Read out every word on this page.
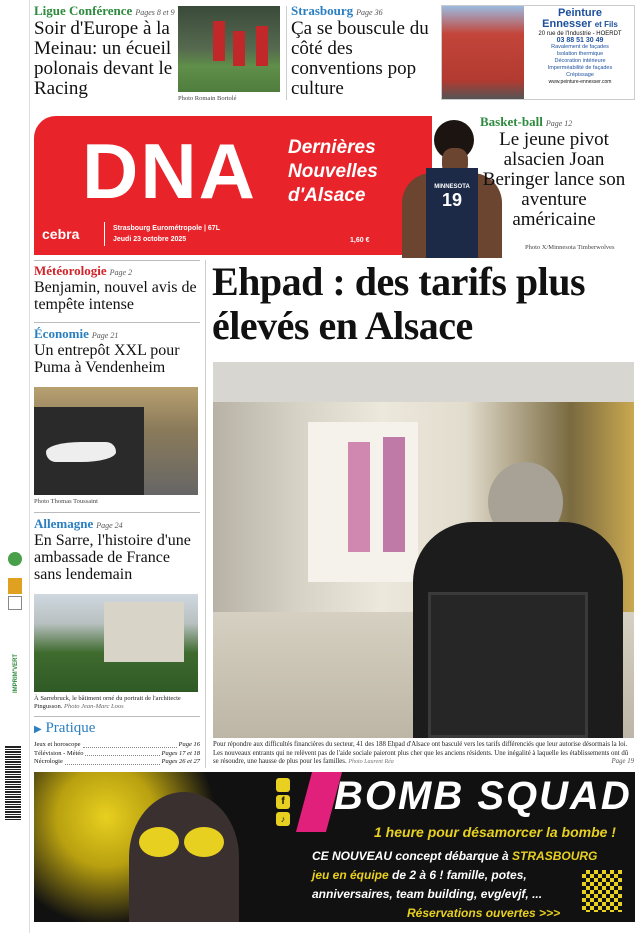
IMPRIM'VERT
Ligue Conférence Pages 8 et 9
Soir d'Europe à la Meinau: un écueil polonais devant le Racing	Photo Romain Bortolé
Strasbourg Page 36
Ça se bouscule du côté des conventions pop culture
Peinture
Ennesser et Fils
20 rue de l'Industrie - HOERDT
03 88 51 30 49
Ravalement de façades
Isolation thermique
Décoration intérieure
Imperméabilité de façades
Crépissage
www.peinture-ennesser.com
DNA Dernières
Nouvelles
d'Alsace
cebra	Strasbourg Eurométropole | 67L
Jeudi 23 octobre 2025	1,60 €
MINNESOTA
19
Basket-ball Page 12
Le jeune pivot alsacien Joan Beringer lance son aventure américaine
Photo X/Minnesota Timberwolves
Météorologie Page 2
Benjamin, nouvel avis de tempête intense
Économie Page 21
Un entrepôt XXL pour Puma à Vendenheim
Photo Thomas Toussaint
Allemagne Page 24
En Sarre, l'histoire d'une ambassade de France sans lendemain
À Sarrebruck, le bâtiment orné du portrait de l'architecte Pingusson. Photo Jean-Marc Loos
▶ Pratique
Jeux et horoscope	Page 16
Télévision - Météo	Pages 17 et 18
Nécrologie	Pages 26 et 27
Ehpad : des tarifs plus élevés en Alsace
Pour répondre aux difficultés financières du secteur, 41 des 188 Ehpad d'Alsace ont basculé vers les tarifs différenciés que leur autorise désormais la loi. Les nouveaux entrants qui ne relèvent pas de l'aide sociale paieront plus cher que les anciens résidents. Une inégalité à laquelle les établissements ont dû se résoudre, une hausse de plus pour les familles. Photo Laurent Réa	Page 19
f
♪
BOMB SQUAD
1 heure pour désamorcer la bombe !
CE NOUVEAU concept débarque à STRASBOURG
jeu en équipe de 2 à 6 ! famille, potes,
anniversaires, team building, evg/evjf, ...
Réservations ouvertes >>>
